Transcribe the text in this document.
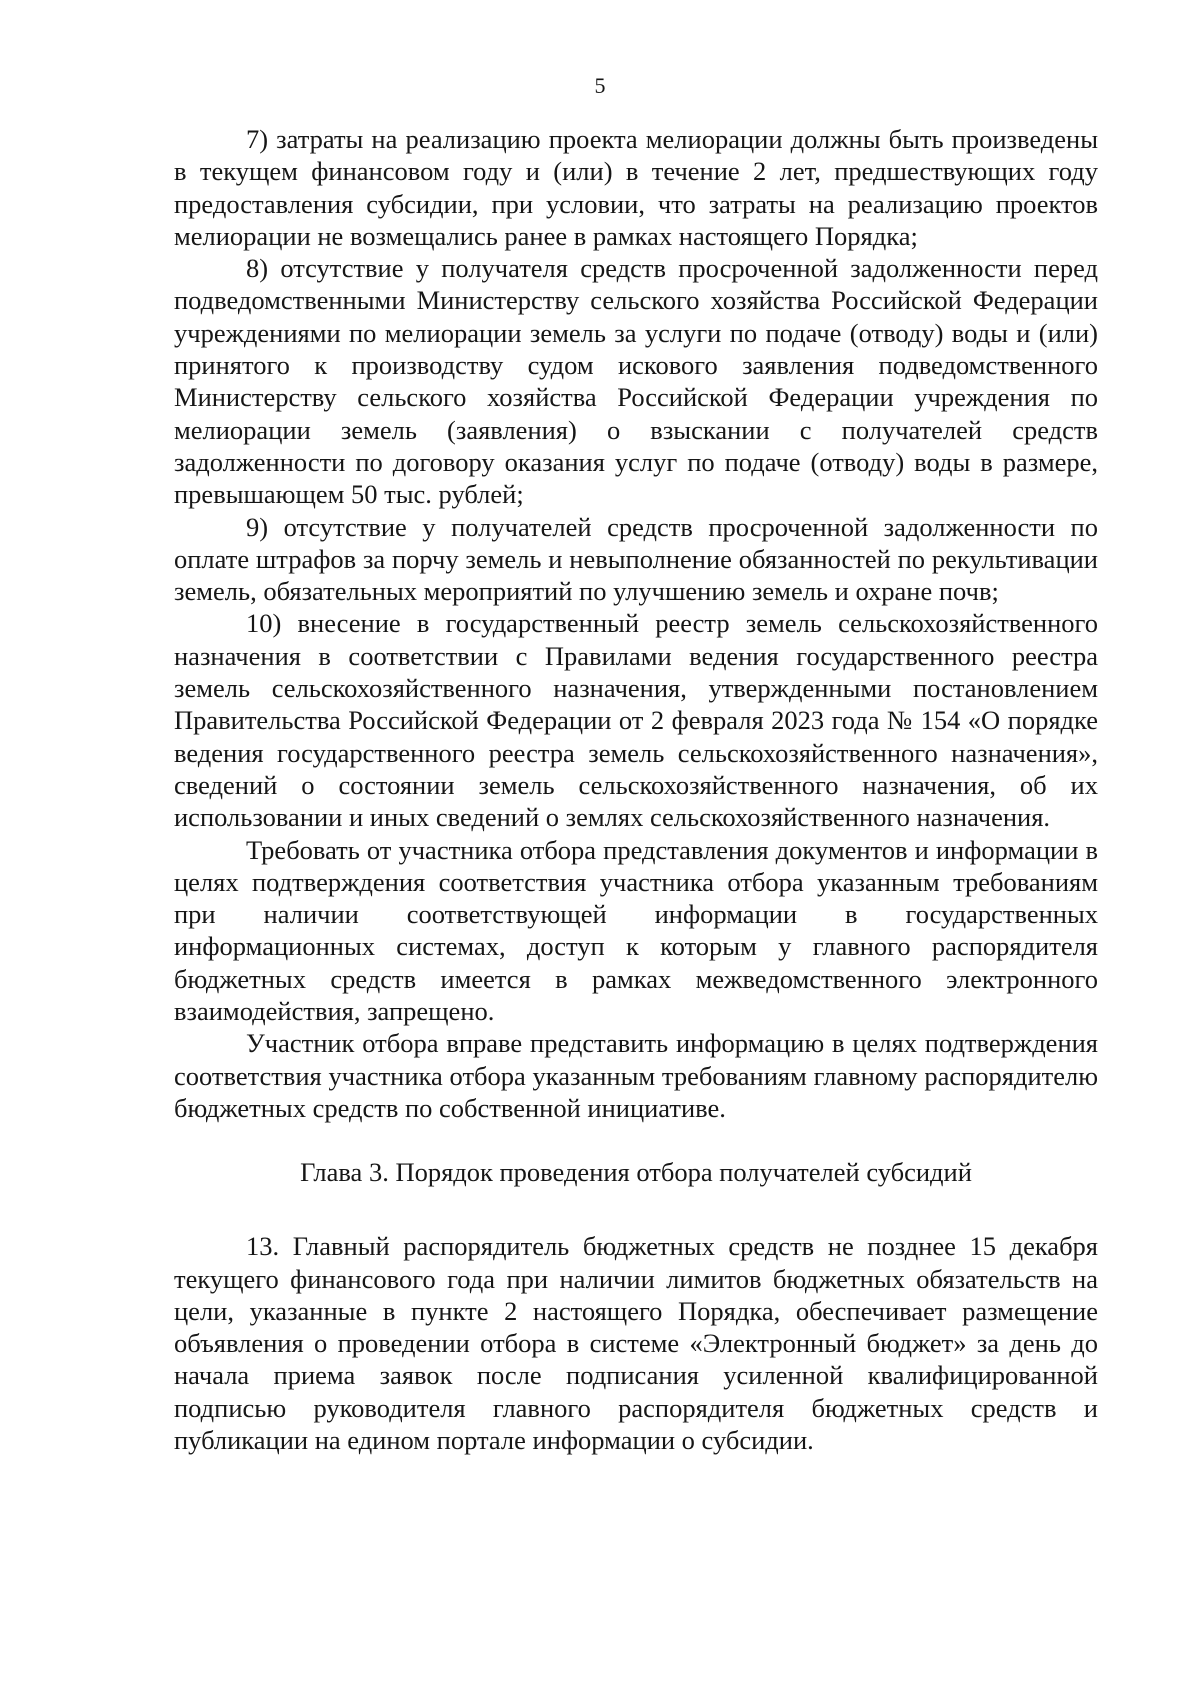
5

7) затраты на реализацию проекта мелиорации должны быть произведены в текущем финансовом году и (или) в течение 2 лет, предшествующих году предоставления субсидии, при условии, что затраты на реализацию проектов мелиорации не возмещались ранее в рамках настоящего Порядка;

8) отсутствие у получателя средств просроченной задолженности перед подведомственными Министерству сельского хозяйства Российской Федерации учреждениями по мелиорации земель за услуги по подаче (отводу) воды и (или) принятого к производству судом искового заявления подведомственного Министерству сельского хозяйства Российской Федерации учреждения по мелиорации земель (заявления) о взыскании с получателей средств задолженности по договору оказания услуг по подаче (отводу) воды в размере, превышающем 50 тыс. рублей;

9) отсутствие у получателей средств просроченной задолженности по оплате штрафов за порчу земель и невыполнение обязанностей по рекультивации земель, обязательных мероприятий по улучшению земель и охране почв;

10) внесение в государственный реестр земель сельскохозяйственного назначения в соответствии с Правилами ведения государственного реестра земель сельскохозяйственного назначения, утвержденными постановлением Правительства Российской Федерации от 2 февраля 2023 года № 154 «О порядке ведения государственного реестра земель сельскохозяйственного назначения», сведений о состоянии земель сельскохозяйственного назначения, об их использовании и иных сведений о землях сельскохозяйственного назначения.

Требовать от участника отбора представления документов и информации в целях подтверждения соответствия участника отбора указанным требованиям при наличии соответствующей информации в государственных информационных системах, доступ к которым у главного распорядителя бюджетных средств имеется в рамках межведомственного электронного взаимодействия, запрещено.

Участник отбора вправе представить информацию в целях подтверждения соответствия участника отбора указанным требованиям главному распорядителю бюджетных средств по собственной инициативе.

Глава 3. Порядок проведения отбора получателей субсидий

13. Главный распорядитель бюджетных средств не позднее 15 декабря текущего финансового года при наличии лимитов бюджетных обязательств на цели, указанные в пункте 2 настоящего Порядка, обеспечивает размещение объявления о проведении отбора в системе «Электронный бюджет» за день до начала приема заявок после подписания усиленной квалифицированной подписью руководителя главного распорядителя бюджетных средств и публикации на едином портале информации о субсидии.
